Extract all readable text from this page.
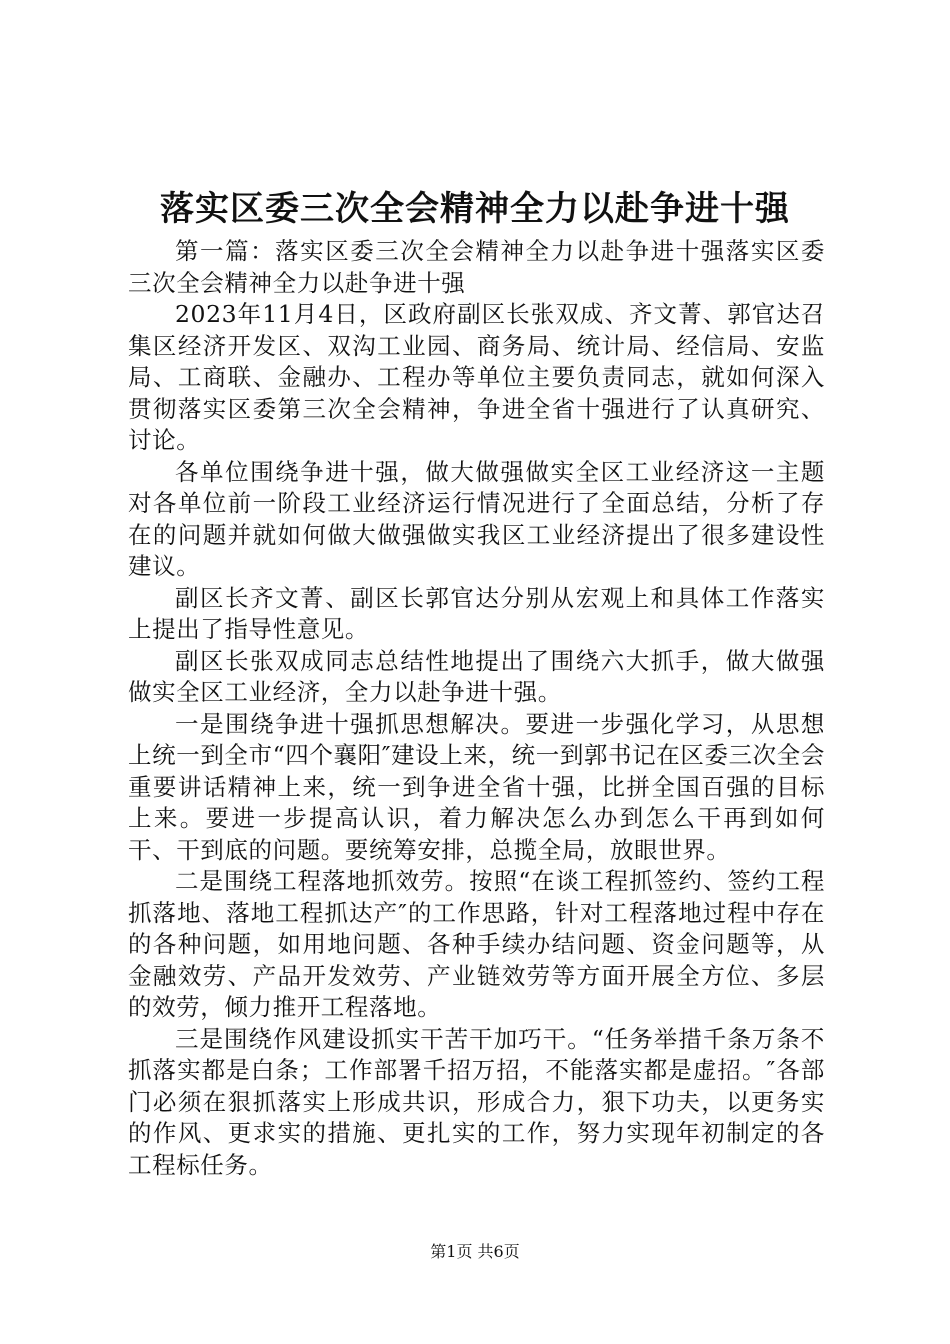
落实区委三次全会精神全力以赴争进十强

第一篇：落实区委三次全会精神全力以赴争进十强落实区委三次全会精神全力以赴争进十强

2023年11月4日，区政府副区长张双成、齐文菁、郭官达召集区经济开发区、双沟工业园、商务局、统计局、经信局、安监局、工商联、金融办、工程办等单位主要负责同志，就如何深入贯彻落实区委第三次全会精神，争进全省十强进行了认真研究、讨论。

各单位围绕争进十强，做大做强做实全区工业经济这一主题对各单位前一阶段工业经济运行情况进行了全面总结，分析了存在的问题并就如何做大做强做实我区工业经济提出了很多建设性建议。

副区长齐文菁、副区长郭官达分别从宏观上和具体工作落实上提出了指导性意见。

副区长张双成同志总结性地提出了围绕六大抓手，做大做强做实全区工业经济，全力以赴争进十强。

一是围绕争进十强抓思想解决。要进一步强化学习，从思想上统一到全市“四个襄阳″建设上来，统一到郭书记在区委三次全会重要讲话精神上来，统一到争进全省十强，比拼全国百强的目标上来。要进一步提高认识，着力解决怎么办到怎么干再到如何干、干到底的问题。要统筹安排，总揽全局，放眼世界。

二是围绕工程落地抓效劳。按照“在谈工程抓签约、签约工程抓落地、落地工程抓达产″的工作思路，针对工程落地过程中存在的各种问题，如用地问题、各种手续办结问题、资金问题等，从金融效劳、产品开发效劳、产业链效劳等方面开展全方位、多层的效劳，倾力推开工程落地。

三是围绕作风建设抓实干苦干加巧干。“任务举措千条万条不抓落实都是白条；工作部署千招万招，不能落实都是虚招。″各部门必须在狠抓落实上形成共识，形成合力，狠下功夫，以更务实的作风、更求实的措施、更扎实的工作，努力实现年初制定的各工程标任务。

第1页 共6页
